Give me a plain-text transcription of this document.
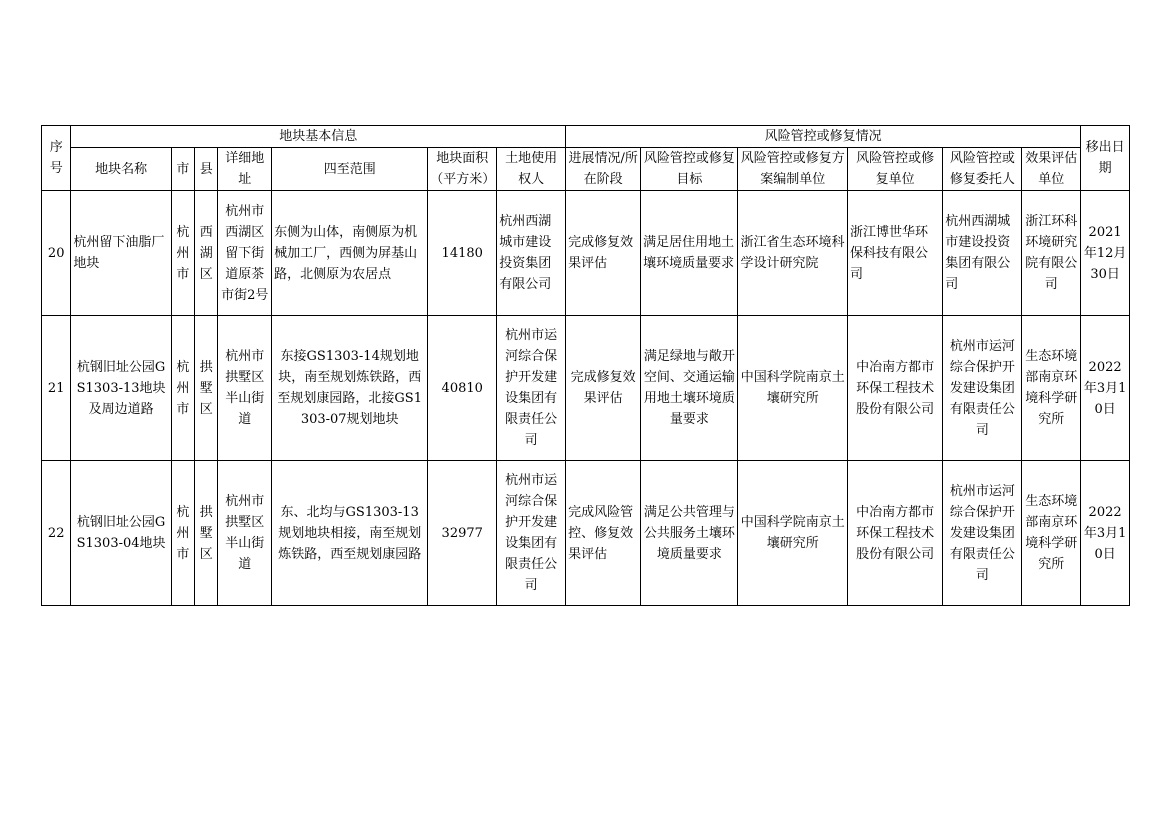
序号	地块基本信息							风险管控或修复情况						移出日期
	地块名称	市	县	详细地址	四至范围	地块面积（平方米）	土地使用权人	进展情况/所在阶段	风险管控或修复目标	风险管控或修复方案编制单位	风险管控或修复单位	风险管控或修复委托人	效果评估单位	
20	杭州留下油脂厂地块	杭州市	西湖区	杭州市西湖区留下街道原茶市街2号	东侧为山体，南侧原为机械加工厂，西侧为屏基山路，北侧原为农居点	14180	杭州西湖城市建设投资集团有限公司	完成修复效果评估	满足居住用地土壤环境质量要求	浙江省生态环境科学设计研究院	浙江博世华环保科技有限公司	杭州西湖城市建设投资集团有限公司	浙江环科环境研究院有限公司	2021年12月30日
21	杭钢旧址公园GS1303-13地块及周边道路	杭州市	拱墅区	杭州市拱墅区半山街道	东接GS1303-14规划地块，南至规划炼铁路，西至规划康园路，北接GS1303-07规划地块	40810	杭州市运河综合保护开发建设集团有限责任公司	完成修复效果评估	满足绿地与敞开空间、交通运输用地土壤环境质量要求	中国科学院南京土壤研究所	中冶南方都市环保工程技术股份有限公司	杭州市运河综合保护开发建设集团有限责任公司	生态环境部南京环境科学研究所	2022年3月10日
22	杭钢旧址公园GS1303-04地块	杭州市	拱墅区	杭州市拱墅区半山街道	东、北均与GS1303-13规划地块相接，南至规划炼铁路，西至规划康园路	32977	杭州市运河综合保护开发建设集团有限责任公司	完成风险管控、修复效果评估	满足公共管理与公共服务土壤环境质量要求	中国科学院南京土壤研究所	中冶南方都市环保工程技术股份有限公司	杭州市运河综合保护开发建设集团有限责任公司	生态环境部南京环境科学研究所	2022年3月10日
